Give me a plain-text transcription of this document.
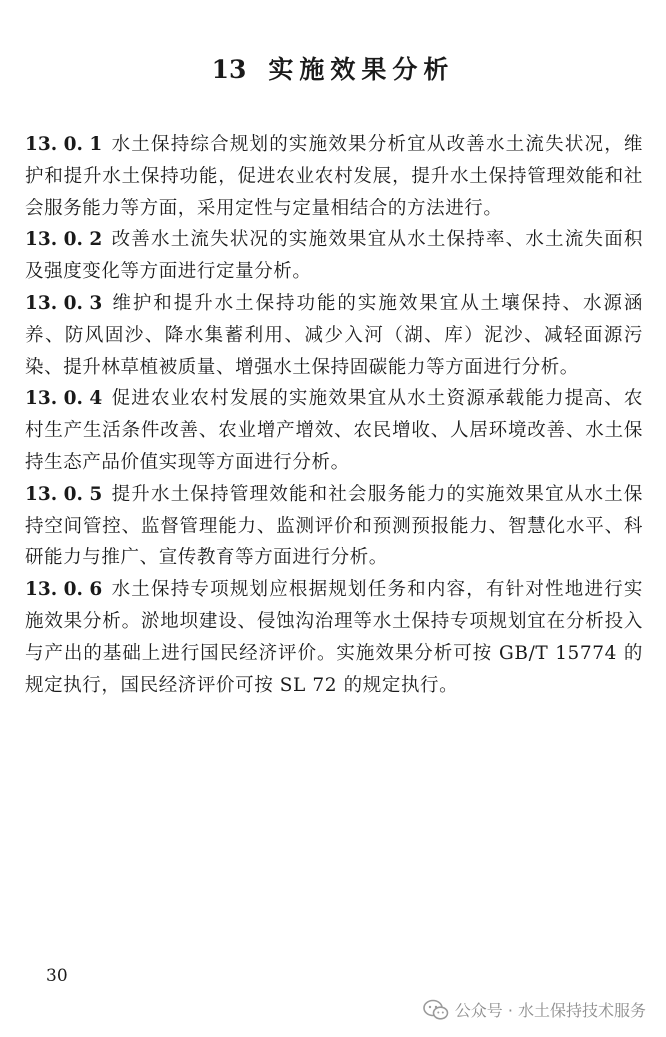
13 实施效果分析

13. 0. 1 水土保持综合规划的实施效果分析宜从改善水土流失状况，维护和提升水土保持功能，促进农业农村发展，提升水土保持管理效能和社会服务能力等方面，采用定性与定量相结合的方法进行。

13. 0. 2 改善水土流失状况的实施效果宜从水土保持率、水土流失面积及强度变化等方面进行定量分析。

13. 0. 3 维护和提升水土保持功能的实施效果宜从土壤保持、水源涵养、防风固沙、降水集蓄利用、减少入河（湖、库）泥沙、减轻面源污染、提升林草植被质量、增强水土保持固碳能力等方面进行分析。

13. 0. 4 促进农业农村发展的实施效果宜从水土资源承载能力提高、农村生产生活条件改善、农业增产增效、农民增收、人居环境改善、水土保持生态产品价值实现等方面进行分析。

13. 0. 5 提升水土保持管理效能和社会服务能力的实施效果宜从水土保持空间管控、监督管理能力、监测评价和预测预报能力、智慧化水平、科研能力与推广、宣传教育等方面进行分析。

13. 0. 6 水土保持专项规划应根据规划任务和内容，有针对性地进行实施效果分析。淤地坝建设、侵蚀沟治理等水土保持专项规划宜在分析投入与产出的基础上进行国民经济评价。实施效果分析可按 GB/T 15774 的规定执行，国民经济评价可按 SL 72 的规定执行。

30
公众号 · 水土保持技术服务
